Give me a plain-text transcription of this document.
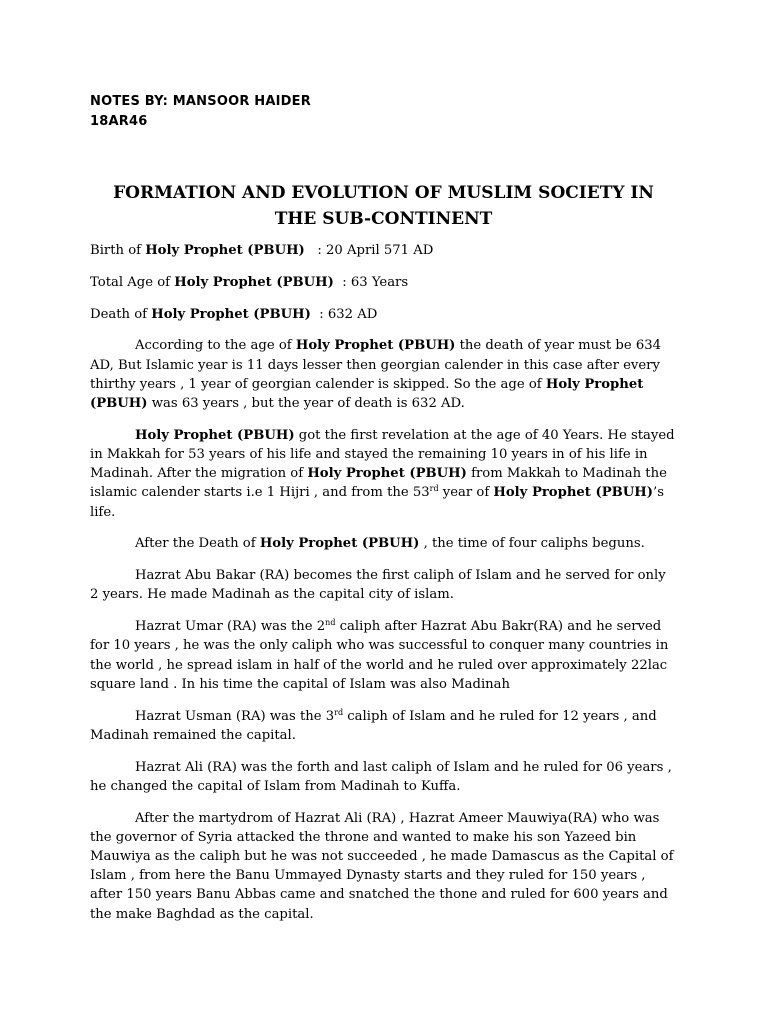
NOTES BY: MANSOOR HAIDER
18AR46
FORMATION AND EVOLUTION OF MUSLIM SOCIETY IN
THE SUB-CONTINENT

Birth of Holy Prophet (PBUH)   : 20 April 571 AD

Total Age of Holy Prophet (PBUH)  : 63 Years

Death of Holy Prophet (PBUH)  : 632 AD

According to the age of Holy Prophet (PBUH) the death of year must be 634 AD, But Islamic year is 11 days lesser then georgian calender in this case after every thirthy years , 1 year of georgian calender is skipped. So the age of Holy Prophet (PBUH) was 63 years , but the year of death is 632 AD.

Holy Prophet (PBUH) got the first revelation at the age of 40 Years. He stayed in Makkah for 53 years of his life and stayed the remaining 10 years in of his life in Madinah. After the migration of Holy Prophet (PBUH) from Makkah to Madinah the islamic calender starts i.e 1 Hijri , and from the 53rd year of Holy Prophet (PBUH)’s life.

After the Death of Holy Prophet (PBUH) , the time of four caliphs beguns.

Hazrat Abu Bakar (RA) becomes the first caliph of Islam and he served for only 2 years. He made Madinah as the capital city of islam.

Hazrat Umar (RA) was the 2nd caliph after Hazrat Abu Bakr(RA) and he served for 10 years , he was the only caliph who was successful to conquer many countries in the world , he spread islam in half of the world and he ruled over approximately 22lac square land . In his time the capital of Islam was also Madinah

Hazrat Usman (RA) was the 3rd caliph of Islam and he ruled for 12 years , and Madinah remained the capital.

Hazrat Ali (RA) was the forth and last caliph of Islam and he ruled for 06 years , he changed the capital of Islam from Madinah to Kuffa.

After the martydrom of Hazrat Ali (RA) , Hazrat Ameer Mauwiya(RA) who was the governor of Syria attacked the throne and wanted to make his son Yazeed bin Mauwiya as the caliph but he was not succeeded , he made Damascus as the Capital of Islam , from here the Banu Ummayed Dynasty starts and they ruled for 150 years , after 150 years Banu Abbas came and snatched the thone and ruled for 600 years and the make Baghdad as the capital.
